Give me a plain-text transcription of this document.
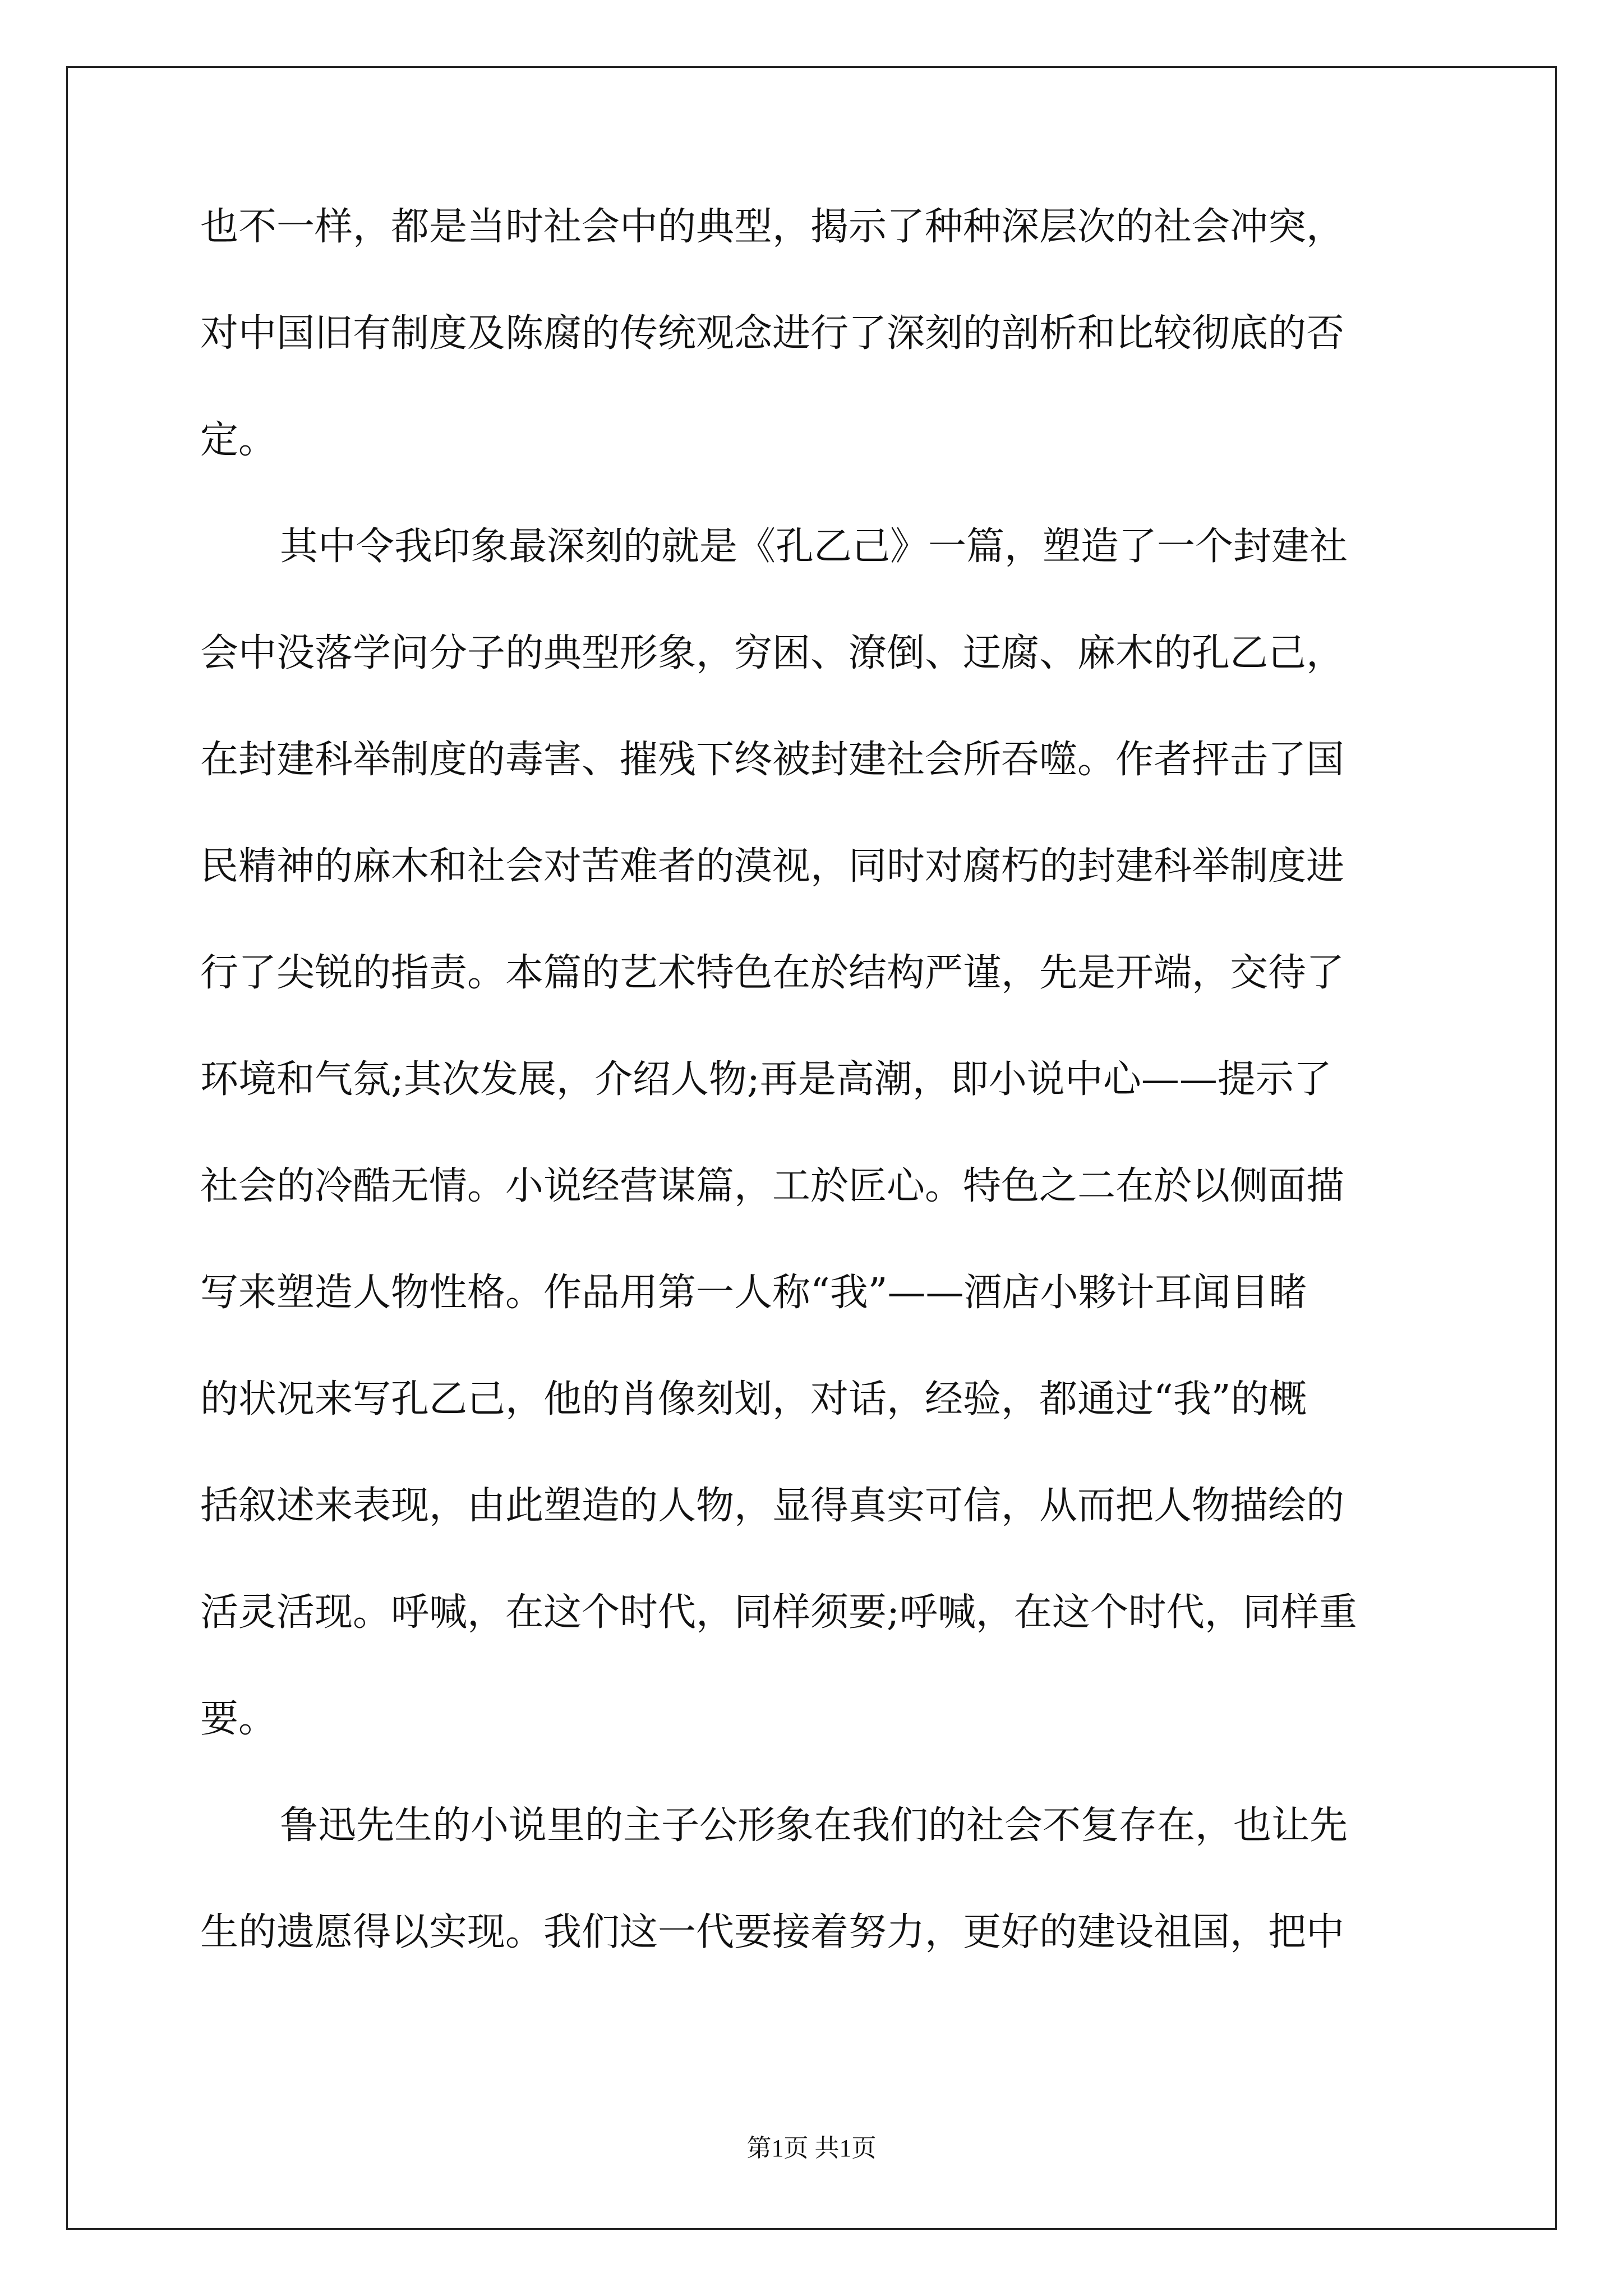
也不一样，都是当时社会中的典型，揭示了种种深层次的社会冲突，
对中国旧有制度及陈腐的传统观念进行了深刻的剖析和比较彻底的否
定。
其中令我印象最深刻的就是《孔乙己》一篇，塑造了一个封建社
会中没落学问分子的典型形象，穷困、潦倒、迂腐、麻木的孔乙己，
在封建科举制度的毒害、摧残下终被封建社会所吞噬。作者抨击了国
民精神的麻木和社会对苦难者的漠视，同时对腐朽的封建科举制度进
行了尖锐的指责。本篇的艺术特色在於结构严谨，先是开端，交待了
环境和气氛;其次发展，介绍人物;再是高潮，即小说中心——提示了
社会的冷酷无情。小说经营谋篇，工於匠心。特色之二在於以侧面描
写来塑造人物性格。作品用第一人称“我”——酒店小夥计耳闻目睹
的状况来写孔乙己，他的肖像刻划，对话，经验，都通过“我”的概
括叙述来表现，由此塑造的人物，显得真实可信，从而把人物描绘的
活灵活现。呼喊，在这个时代，同样须要;呼喊，在这个时代，同样重
要。
鲁迅先生的小说里的主子公形象在我们的社会不复存在，也让先
生的遗愿得以实现。我们这一代要接着努力，更好的建设祖国，把中
第1页 共1页
